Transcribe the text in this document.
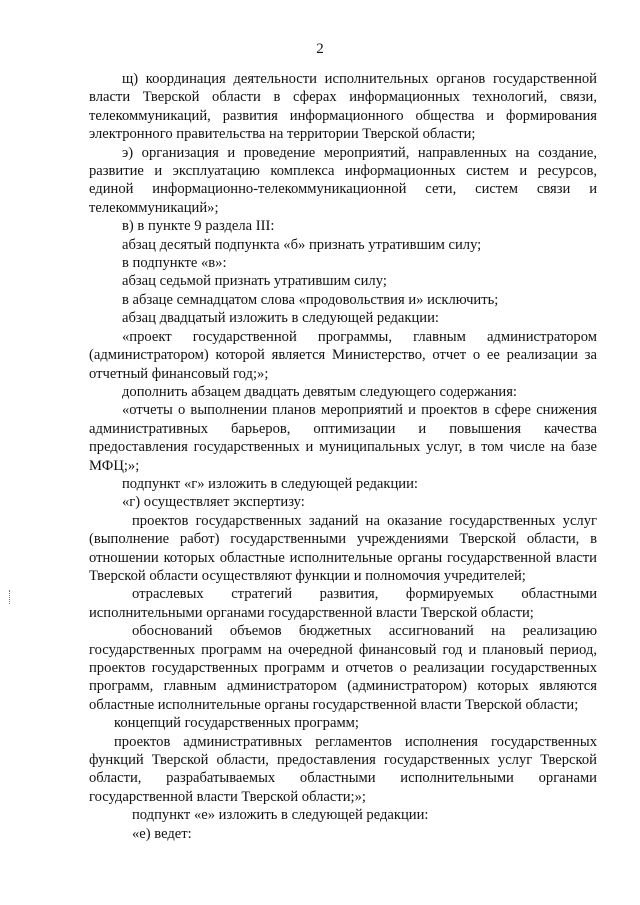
2

щ) координация деятельности исполнительных органов государственной власти Тверской области в сферах информационных технологий, связи, телекоммуникаций, развития информационного общества и формирования электронного правительства на территории Тверской области;

э) организация и проведение мероприятий, направленных на создание, развитие и эксплуатацию комплекса информационных систем и ресурсов, единой информационно-телекоммуникационной сети, систем связи и телекоммуникаций»;

в) в пункте 9 раздела III:

абзац десятый подпункта «б» признать утратившим силу;

в подпункте «в»:

абзац седьмой признать утратившим силу;

в абзаце семнадцатом слова «продовольствия и» исключить;

абзац двадцатый изложить в следующей редакции:

«проект государственной программы, главным администратором (администратором) которой является Министерство, отчет о ее реализации за отчетный финансовый год;»;

дополнить абзацем двадцать девятым следующего содержания:

«отчеты о выполнении планов мероприятий и проектов в сфере снижения административных барьеров, оптимизации и повышения качества предоставления государственных и муниципальных услуг, в том числе на базе МФЦ;»;

подпункт «г» изложить в следующей редакции:

«г) осуществляет экспертизу:

проектов государственных заданий на оказание государственных услуг (выполнение работ) государственными учреждениями Тверской области, в отношении которых областные исполнительные органы государственной власти Тверской области осуществляют функции и полномочия учредителей;

отраслевых стратегий развития, формируемых областными исполнительными органами государственной власти Тверской области;

обоснований объемов бюджетных ассигнований на реализацию государственных программ на очередной финансовый год и плановый период, проектов государственных программ и отчетов о реализации государственных программ, главным администратором (администратором) которых являются областные исполнительные органы государственной власти Тверской области;

концепций государственных программ;

проектов административных регламентов исполнения государственных функций Тверской области, предоставления государственных услуг Тверской области, разрабатываемых областными исполнительными органами государственной власти Тверской области;»;

подпункт «е» изложить в следующей редакции:

«е) ведет:
